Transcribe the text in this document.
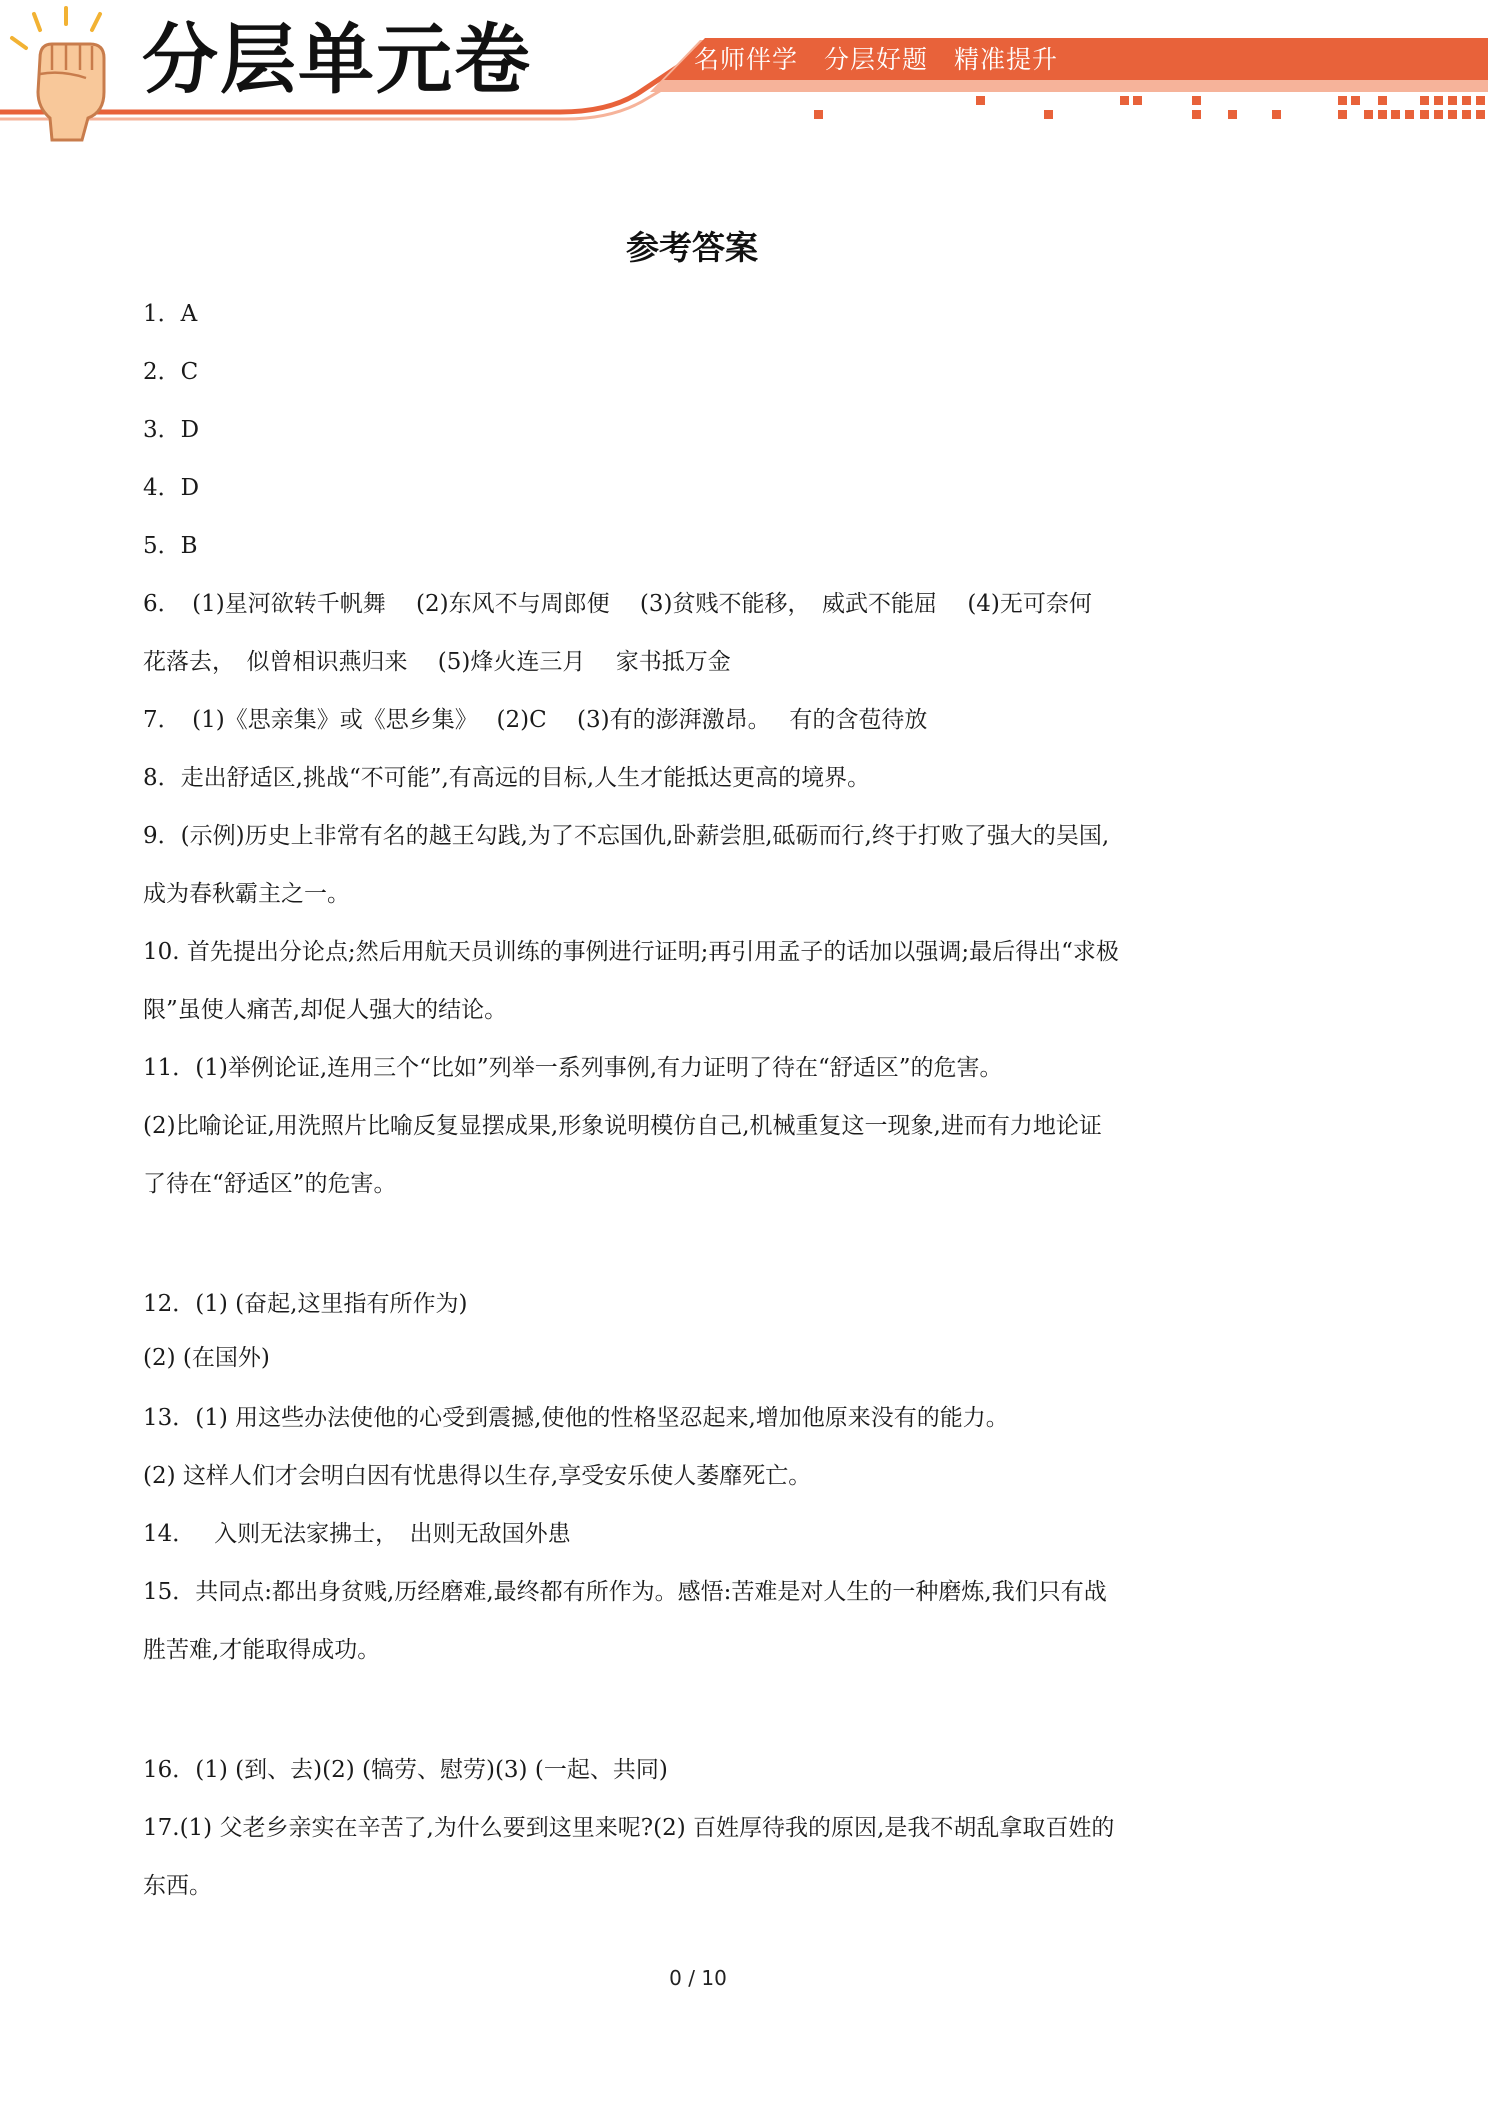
分层单元卷	名师伴学　分层好题　精准提升
参考答案
1．A
2．C
3．D
4．D
5．B
6．　(1)星河欲转千帆舞　 (2)东风不与周郎便　 (3)贫贱不能移，　威武不能屈　 (4)无可奈何
花落去，　似曾相识燕归来　 (5)烽火连三月　 家书抵万金
7．　(1)《思亲集》或《思乡集》　 (2)C　 (3)有的澎湃激昂。　 有的含苞待放
8．走出舒适区,挑战“不可能”,有高远的目标,人生才能抵达更高的境界。
9．(示例)历史上非常有名的越王勾践,为了不忘国仇,卧薪尝胆,砥砺而行,终于打败了强大的吴国,
成为春秋霸主之一。
10. 首先提出分论点;然后用航天员训练的事例进行证明;再引用孟子的话加以强调;最后得出“求极
限”虽使人痛苦,却促人强大的结论。
11．(1)举例论证,连用三个“比如”列举一系列事例,有力证明了待在“舒适区”的危害。
(2)比喻论证,用洗照片比喻反复显摆成果,形象说明模仿自己,机械重复这一现象,进而有力地论证
了待在“舒适区”的危害。
12．(1) (奋起,这里指有所作为)
(2) (在国外)
13．(1) 用这些办法使他的心受到震撼,使他的性格坚忍起来,增加他原来没有的能力。
(2) 这样人们才会明白因有忧患得以生存,享受安乐使人萎靡死亡。
14．　 入则无法家拂士，　出则无敌国外患
15．共同点:都出身贫贱,历经磨难,最终都有所作为。感悟:苦难是对人生的一种磨炼,我们只有战
胜苦难,才能取得成功。
16．(1) (到、去)(2) (犒劳、慰劳)(3) (一起、共同)
17.(1) 父老乡亲实在辛苦了,为什么要到这里来呢?(2) 百姓厚待我的原因,是我不胡乱拿取百姓的
东西。
0 / 10
